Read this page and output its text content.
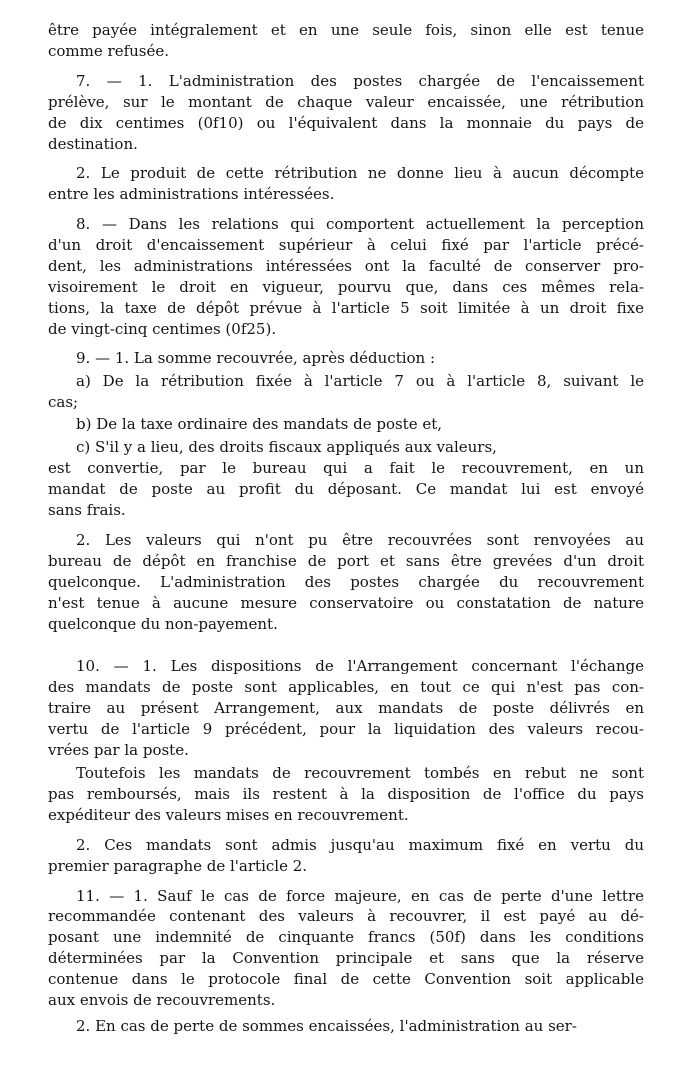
être payée intégralement et en une seule fois, sinon elle est tenue
comme refusée.
7. — 1. L'administration des postes chargée de l'encaissement
prélève, sur le montant de chaque valeur encaissée, une rétribution
de dix centimes (0f10) ou l'équivalent dans la monnaie du pays de
destination.
2. Le produit de cette rétribution ne donne lieu à aucun décompte
entre les administrations intéressées.
8. — Dans les relations qui comportent actuellement la perception
d'un droit d'encaissement supérieur à celui fixé par l'article précé-
dent, les administrations intéressées ont la faculté de conserver pro-
visoirement le droit en vigueur, pourvu que, dans ces mêmes rela-
tions, la taxe de dépôt prévue à l'article 5 soit limitée à un droit fixe
de vingt-cinq centimes (0f25).
9. — 1. La somme recouvrée, après déduction :
a) De la rétribution fixée à l'article 7 ou à l'article 8, suivant le
cas;
b) De la taxe ordinaire des mandats de poste et,
c) S'il y a lieu, des droits fiscaux appliqués aux valeurs,
est convertie, par le bureau qui a fait le recouvrement, en un
mandat de poste au profit du déposant. Ce mandat lui est envoyé
sans frais.
2. Les valeurs qui n'ont pu être recouvrées sont renvoyées au
bureau de dépôt en franchise de port et sans être grevées d'un droit
quelconque. L'administration des postes chargée du recouvrement
n'est tenue à aucune mesure conservatoire ou constatation de nature
quelconque du non-payement.
10. — 1. Les dispositions de l'Arrangement concernant l'échange
des mandats de poste sont applicables, en tout ce qui n'est pas con-
traire au présent Arrangement, aux mandats de poste délivrés en
vertu de l'article 9 précédent, pour la liquidation des valeurs recou-
vrées par la poste.
Toutefois les mandats de recouvrement tombés en rebut ne sont
pas remboursés, mais ils restent à la disposition de l'office du pays
expéditeur des valeurs mises en recouvrement.
2. Ces mandats sont admis jusqu'au maximum fixé en vertu du
premier paragraphe de l'article 2.
11. — 1. Sauf le cas de force majeure, en cas de perte d'une lettre
recommandée contenant des valeurs à recouvrer, il est payé au dé-
posant une indemnité de cinquante francs (50f) dans les conditions
déterminées par la Convention principale et sans que la réserve
contenue dans le protocole final de cette Convention soit applicable
aux envois de recouvrements.
2. En cas de perte de sommes encaissées, l'administration au ser-
